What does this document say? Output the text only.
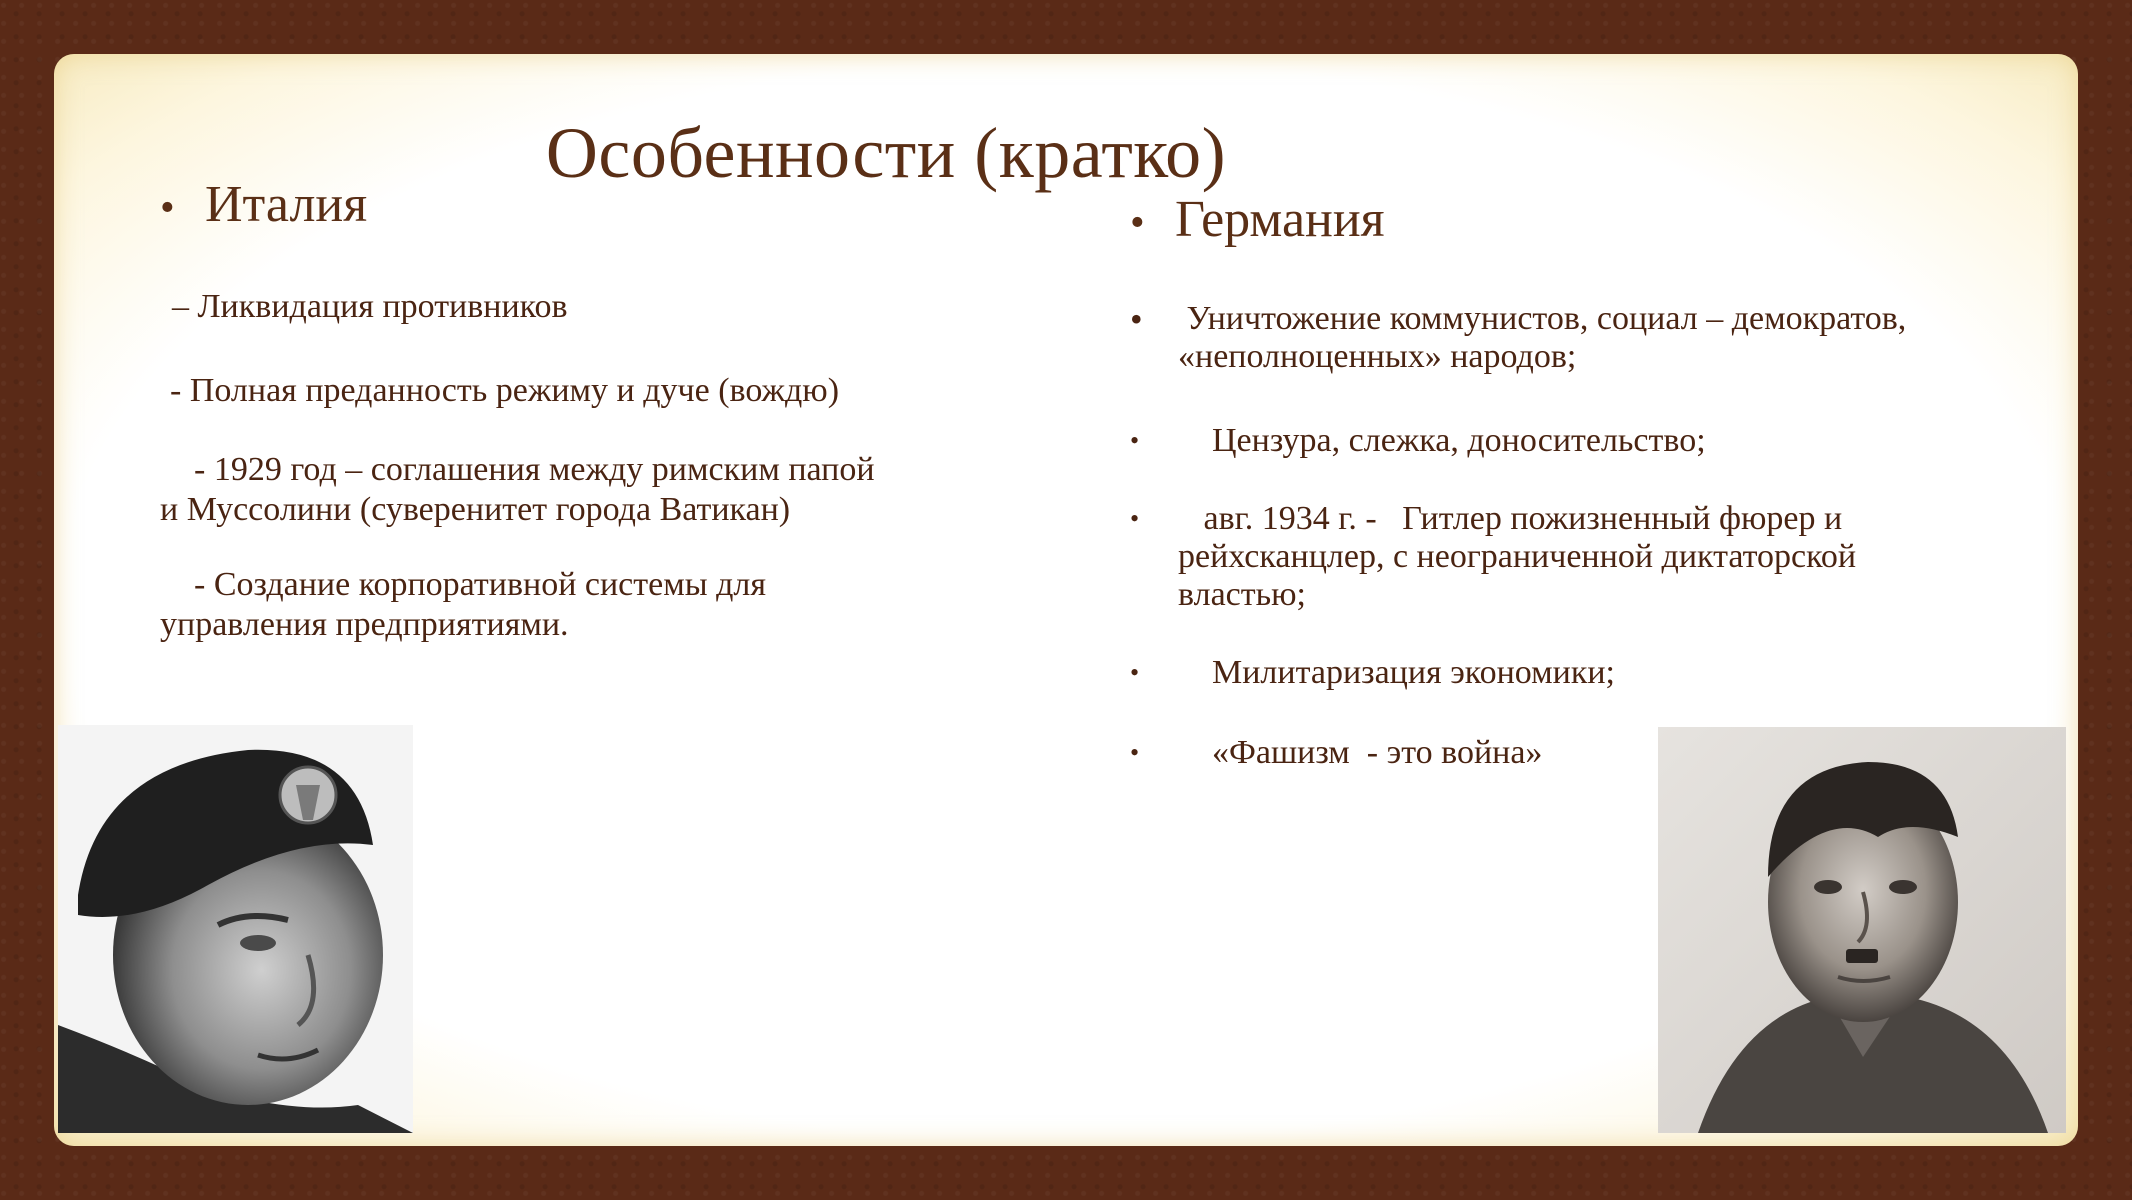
Особенности (кратко)
• Италия
– Ликвидация противников
- Полная преданность режиму и дуче (вождю)
- 1929 год – соглашения между римским папой
и Муссолини (суверенитет города Ватикан)
- Создание корпоративной системы для
управления предприятиями.
• Германия
•	Уничтожение коммунистов, социал – демократов,
«неполноценных» народов;
•	Цензура, слежка, доносительство;
•	авг. 1934 г. -   Гитлер пожизненный фюрер и
рейхсканцлер, с неограниченной диктаторской
властью;
•	Милитаризация экономики;
•	«Фашизм  - это война»
